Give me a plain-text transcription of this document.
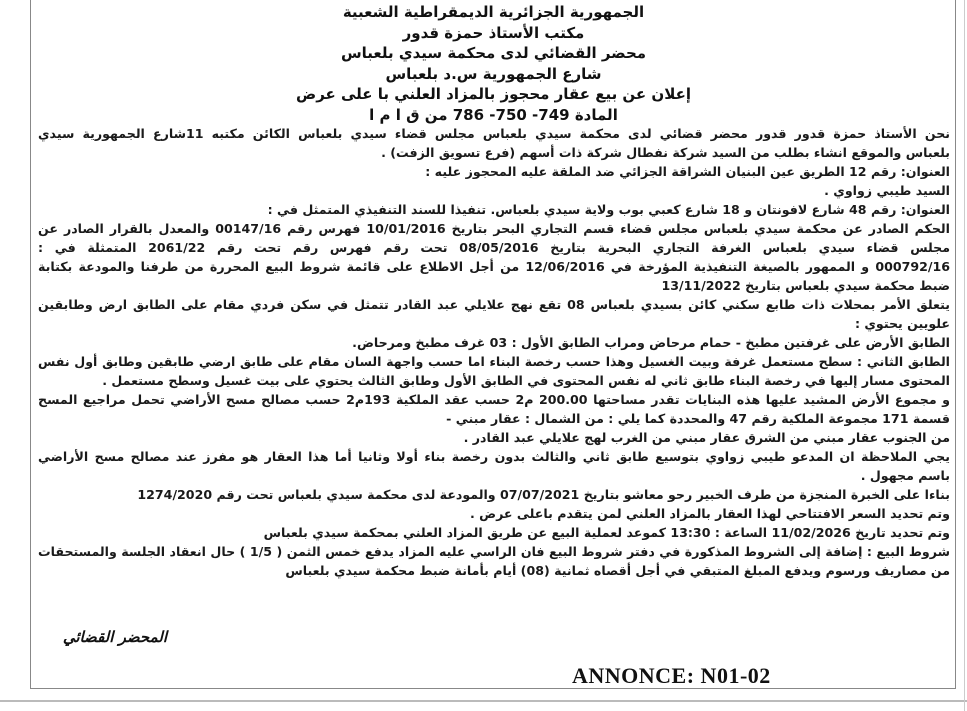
الجمهورية الجزائرية الديمقراطية الشعبية
مكتب الأستاذ حمزة قدور
محضر القضائي لدى محكمة سيدي بلعباس
شارع الجمهورية س.د بلعباس
إعلان عن بيع عقار محجوز بالمزاد العلني با على عرض
المادة 749- 750- 786 من ق ا م ا
نحن الأستاذ حمزة قدور قدور محضر قضائي لدى محكمة سيدي بلعباس مجلس قضاء سيدي بلعباس الكائن مكتبه 11شارع الجمهورية سيدي
بلعباس والموقع انشاء بطلب من السيد شركة نفطال شركة ذات أسهم (فرع تسويق الزفت) .
العنوان: رقم 12 الطريق عين البنيان الشراقة الجزائي ضد الملقة عليه المحجوز عليه :
السيد طيبي زواوي .
العنوان: رقم 48 شارع لافونتان و 18 شارع كعبي بوب ولاية سيدي بلعباس. تنفيذا للسند التنفيذي المتمثل في :
الحكم الصادر عن محكمة سيدي بلعباس مجلس قضاء قسم التجاري البحر بتاريخ 10/01/2016 فهرس رقم 00147/16 والمعدل بالقرار الصادر عن
مجلس قضاء سيدي بلعباس الغرفة التجاري البحرية بتاريخ 08/05/2016 تحت رقم فهرس رقم تحت رقم 2061/22 المتمثلة في :
000792/16 و الممهور بالصيغة التنفيذية المؤرخة في 12/06/2016 من أجل الاطلاع على قائمة شروط البيع المحررة من طرفنا والمودعة بكتابة
ضبط محكمة سيدي بلعباس بتاريخ 13/11/2022
يتعلق الأمر بمحلات ذات طابع سكني كائن بسيدي بلعباس 08 تقع نهج علايلي عبد القادر تتمثل في سكن فردي مقام على الطابق ارض وطابقين
علويين يحتوي :
الطابق الأرض على غرفتين مطبخ - حمام مرحاض ومراب الطابق الأول : 03 غرف مطبخ ومرحاض.
الطابق الثاني : سطح مستعمل غرفة وبيت الغسيل وهذا حسب رخصة البناء اما حسب واجهة السان مقام على طابق ارضي طابقين وطابق أول نفس
المحتوى مسار إليها في رخصة البناء طابق ثاني له نفس المحتوى في الطابق الأول وطابق الثالث يحتوي على بيت غسيل وسطح مستعمل .
و مجموع الأرض المشيد عليها هذه البنايات تقدر مساحتها 200.00 م2 حسب عقد الملكية 193م2 حسب مصالح مسح الأراضي تحمل مراجيع المسح
قسمة 171 مجموعة الملكية رقم 47 والمحددة كما يلي : من الشمال : عقار مبني -
من الجنوب عقار مبني من الشرق عقار مبني من الغرب لهج علايلي عبد القادر .
يجي الملاحظة ان المدعو طيبي زواوي بتوسيع طابق ثاني والثالث بدون رخصة بناء أولا وثانيا أما هذا العقار هو مفرز عند مصالح مسح الأراضي
باسم مجهول .
بناءا على الخبرة المنجزة من طرف الخبير رحو معاشو بتاريخ 07/07/2021 والمودعة لدى محكمة سيدي بلعباس تحت رقم 1274/2020
وتم تحديد السعر الافتتاحي لهذا العقار بالمزاد العلني لمن يتقدم باعلى عرض .
وتم تحديد تاريخ 11/02/2026 الساعة : 13:30 كموعد لعملية البيع عن طريق المزاد العلني بمحكمة سيدي بلعباس
شروط البيع : إضافة إلى الشروط المذكورة في دفتر شروط البيع فان الراسي عليه المزاد يدفع خمس الثمن ( 1/5 ) حال انعقاد الجلسة والمستحقات
من مصاريف ورسوم ويدفع المبلغ المتبقي في أجل أقصاه ثمانية (08) أيام بأمانة ضبط محكمة سيدي بلعباس
المحضر القضائي
ANNONCE: N01-02
